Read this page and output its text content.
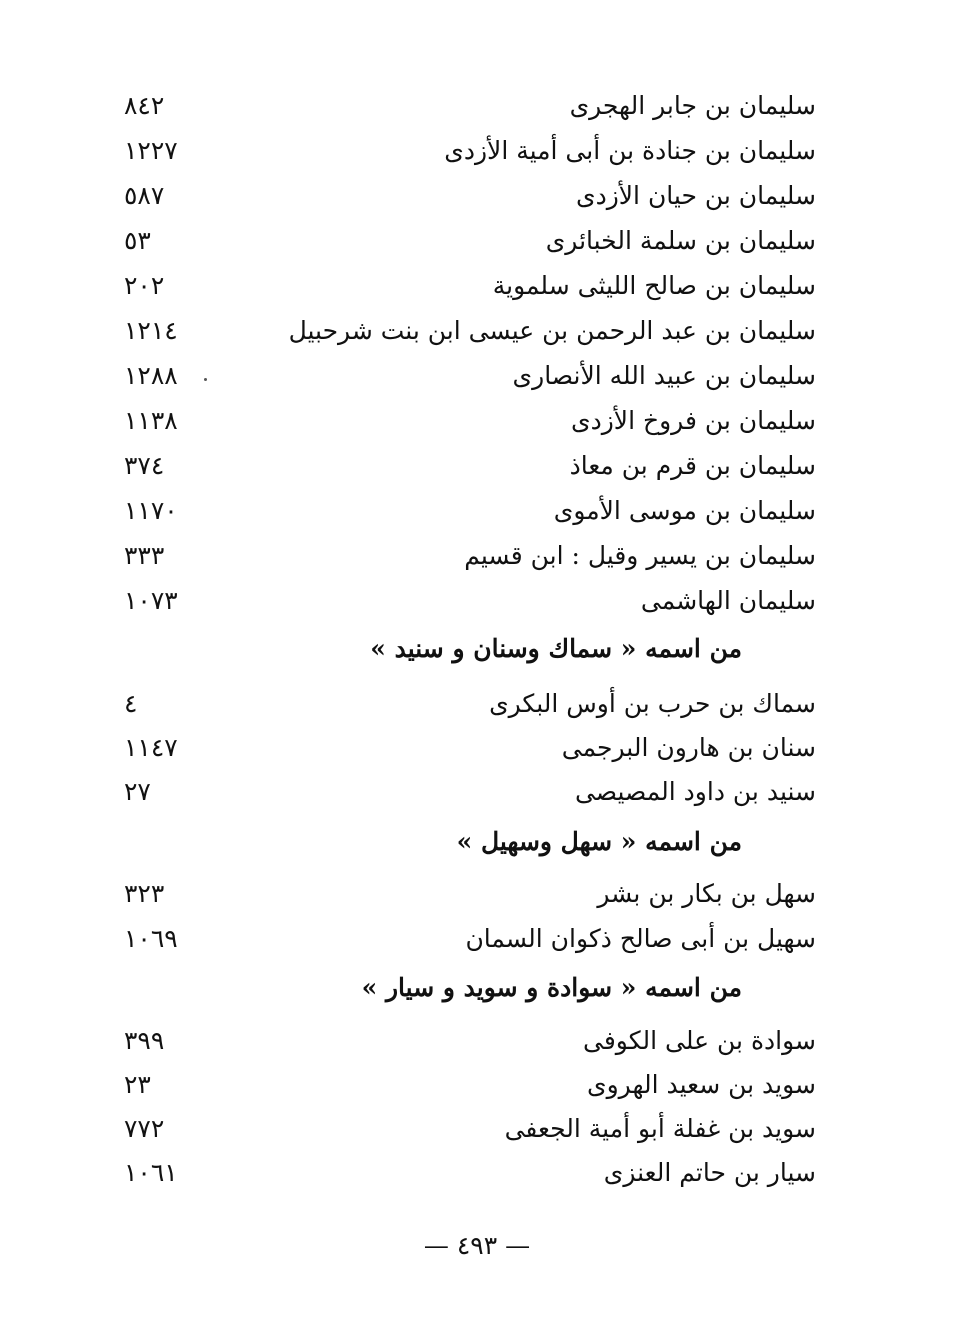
سليمان بن جابر الهجرى
٨٤٢
سليمان بن جنادة بن أبى أمية الأزدى
١٢٢٧
سليمان بن حيان الأزدى
٥٨٧
سليمان بن سلمة الخبائرى
٥٣
سليمان بن صالح الليثى سلموية
٢٠٢
سليمان بن عبد الرحمن بن عيسى ابن بنت شرحبيل
١٢١٤
سليمان بن عبيد الله الأنصارى
١٢٨٨
سليمان بن فروخ الأزدى
١١٣٨
سليمان بن قرم بن معاذ
٣٧٤
سليمان بن موسى الأموى
١١٧٠
سليمان بن يسير وقيل : ابن قسيم
٣٣٣
سليمان الهاشمى
١٠٧٣
من اسمه « سماك وسنان و سنيد »
سماك بن حرب بن أوس البكرى
٤
سنان بن هارون البرجمى
١١٤٧
سنيد بن داود المصيصى
٢٧
من اسمه « سهل وسهيل »
سهل بن بكار بن بشر
٣٢٣
سهيل بن أبى صالح ذكوان السمان
١٠٦٩
من اسمه « سوادة و سويد و سيار »
سوادة بن على الكوفى
٣٩٩
سويد بن سعيد الهروى
٢٣
سويد بن غفلة أبو أمية الجعفى
٧٧٢
سيار بن حاتم العنزى
١٠٦١
— ٤٩٣ —
